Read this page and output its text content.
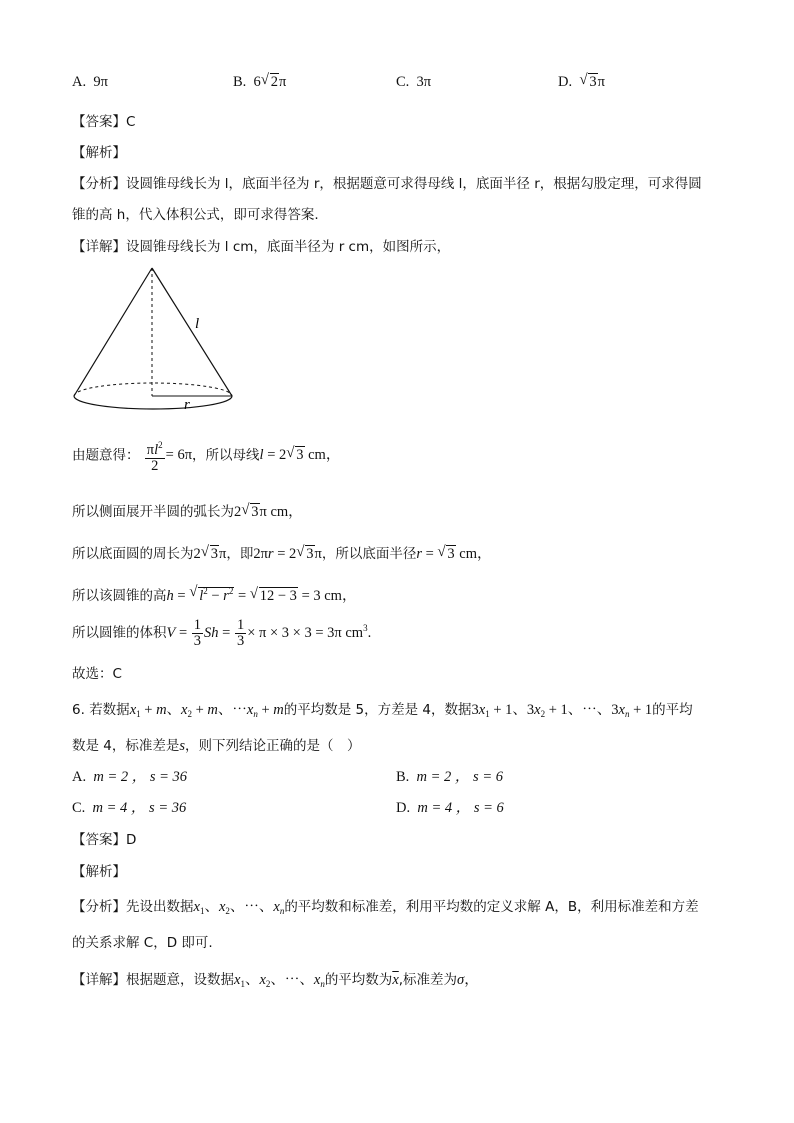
A. 9π	B. 6 √ 2π	C. 3π	D. √ 3π
【答案】C
【解析】
【分析】设圆锥母线长为 l，底面半径为 r，根据题意可求得母线 l，底面半径 r，根据勾股定理，可求得圆
锥的高 h，代入体积公式，即可求得答案.
【详解】设圆锥母线长为 l cm，底面半径为 r cm，如图所示，
l
r
由题意得： $\frac{\pi l^2}{2} = 6\pi$，所以母线l = 2 √ 3 cm，
所以侧面展开半圆的弧长为2 √ 3π cm，
所以底面圆的周长为2 √ 3π，即2πr = 2 √ 3π，所以底面半径r = √ 3 cm，
所以该圆锥的高h = √ $l^2 - r^2$ = √ 12 − 3 = 3 cm，
所以圆锥的体积$V = \frac{1}{3}$ $Sh = \frac{1}{3} \times \pi \times 3 \times 3 = 3\pi$ $cm^3$.
故选：C
6. 若数据$x_1 + m$、$x_2 + m$、$\cdots x_n + m$的平均数是 5，方差是 4，数据$3x_1 + 1$、$3x_2 + 1$、⋯、$3x_n + 1$的平均
数是 4，标准差是s，则下列结论正确的是（　）
A. m = 2 ， s = 36	B. m = 2 ， s = 6
C. m = 4 ， s = 36	D. m = 4 ， s = 6
【答案】D
【解析】
【分析】先设出数据$x_1$、$x_2$、⋯、$x_n$的平均数和标准差，利用平均数的定义求解 A，B，利用标准差和方差
的关系求解 C，D 即可.
【详解】根据题意，设数据$x_1$、$x_2$、⋯、$x_n$的平均数为$\overline{x}$,标准差为σ，
